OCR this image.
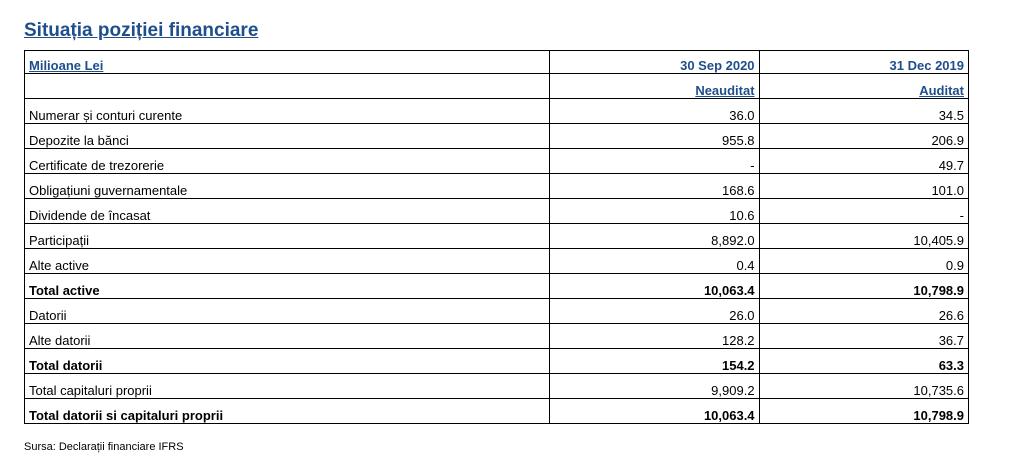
Situația poziției financiare
Milioane Lei	30 Sep 2020	31 Dec 2019
	Neauditat	Auditat
Numerar și conturi curente	36.0	34.5
Depozite la bănci	955.8	206.9
Certificate de trezorerie	-	49.7
Obligațiuni guvernamentale	168.6	101.0
Dividende de încasat	10.6	-
Participații	8,892.0	10,405.9
Alte active	0.4	0.9
Total active	10,063.4	10,798.9
Datorii	26.0	26.6
Alte datorii	128.2	36.7
Total datorii	154.2	63.3
Total capitaluri proprii	9,909.2	10,735.6
Total datorii si capitaluri proprii	10,063.4	10,798.9
Sursa: Declarații financiare IFRS
